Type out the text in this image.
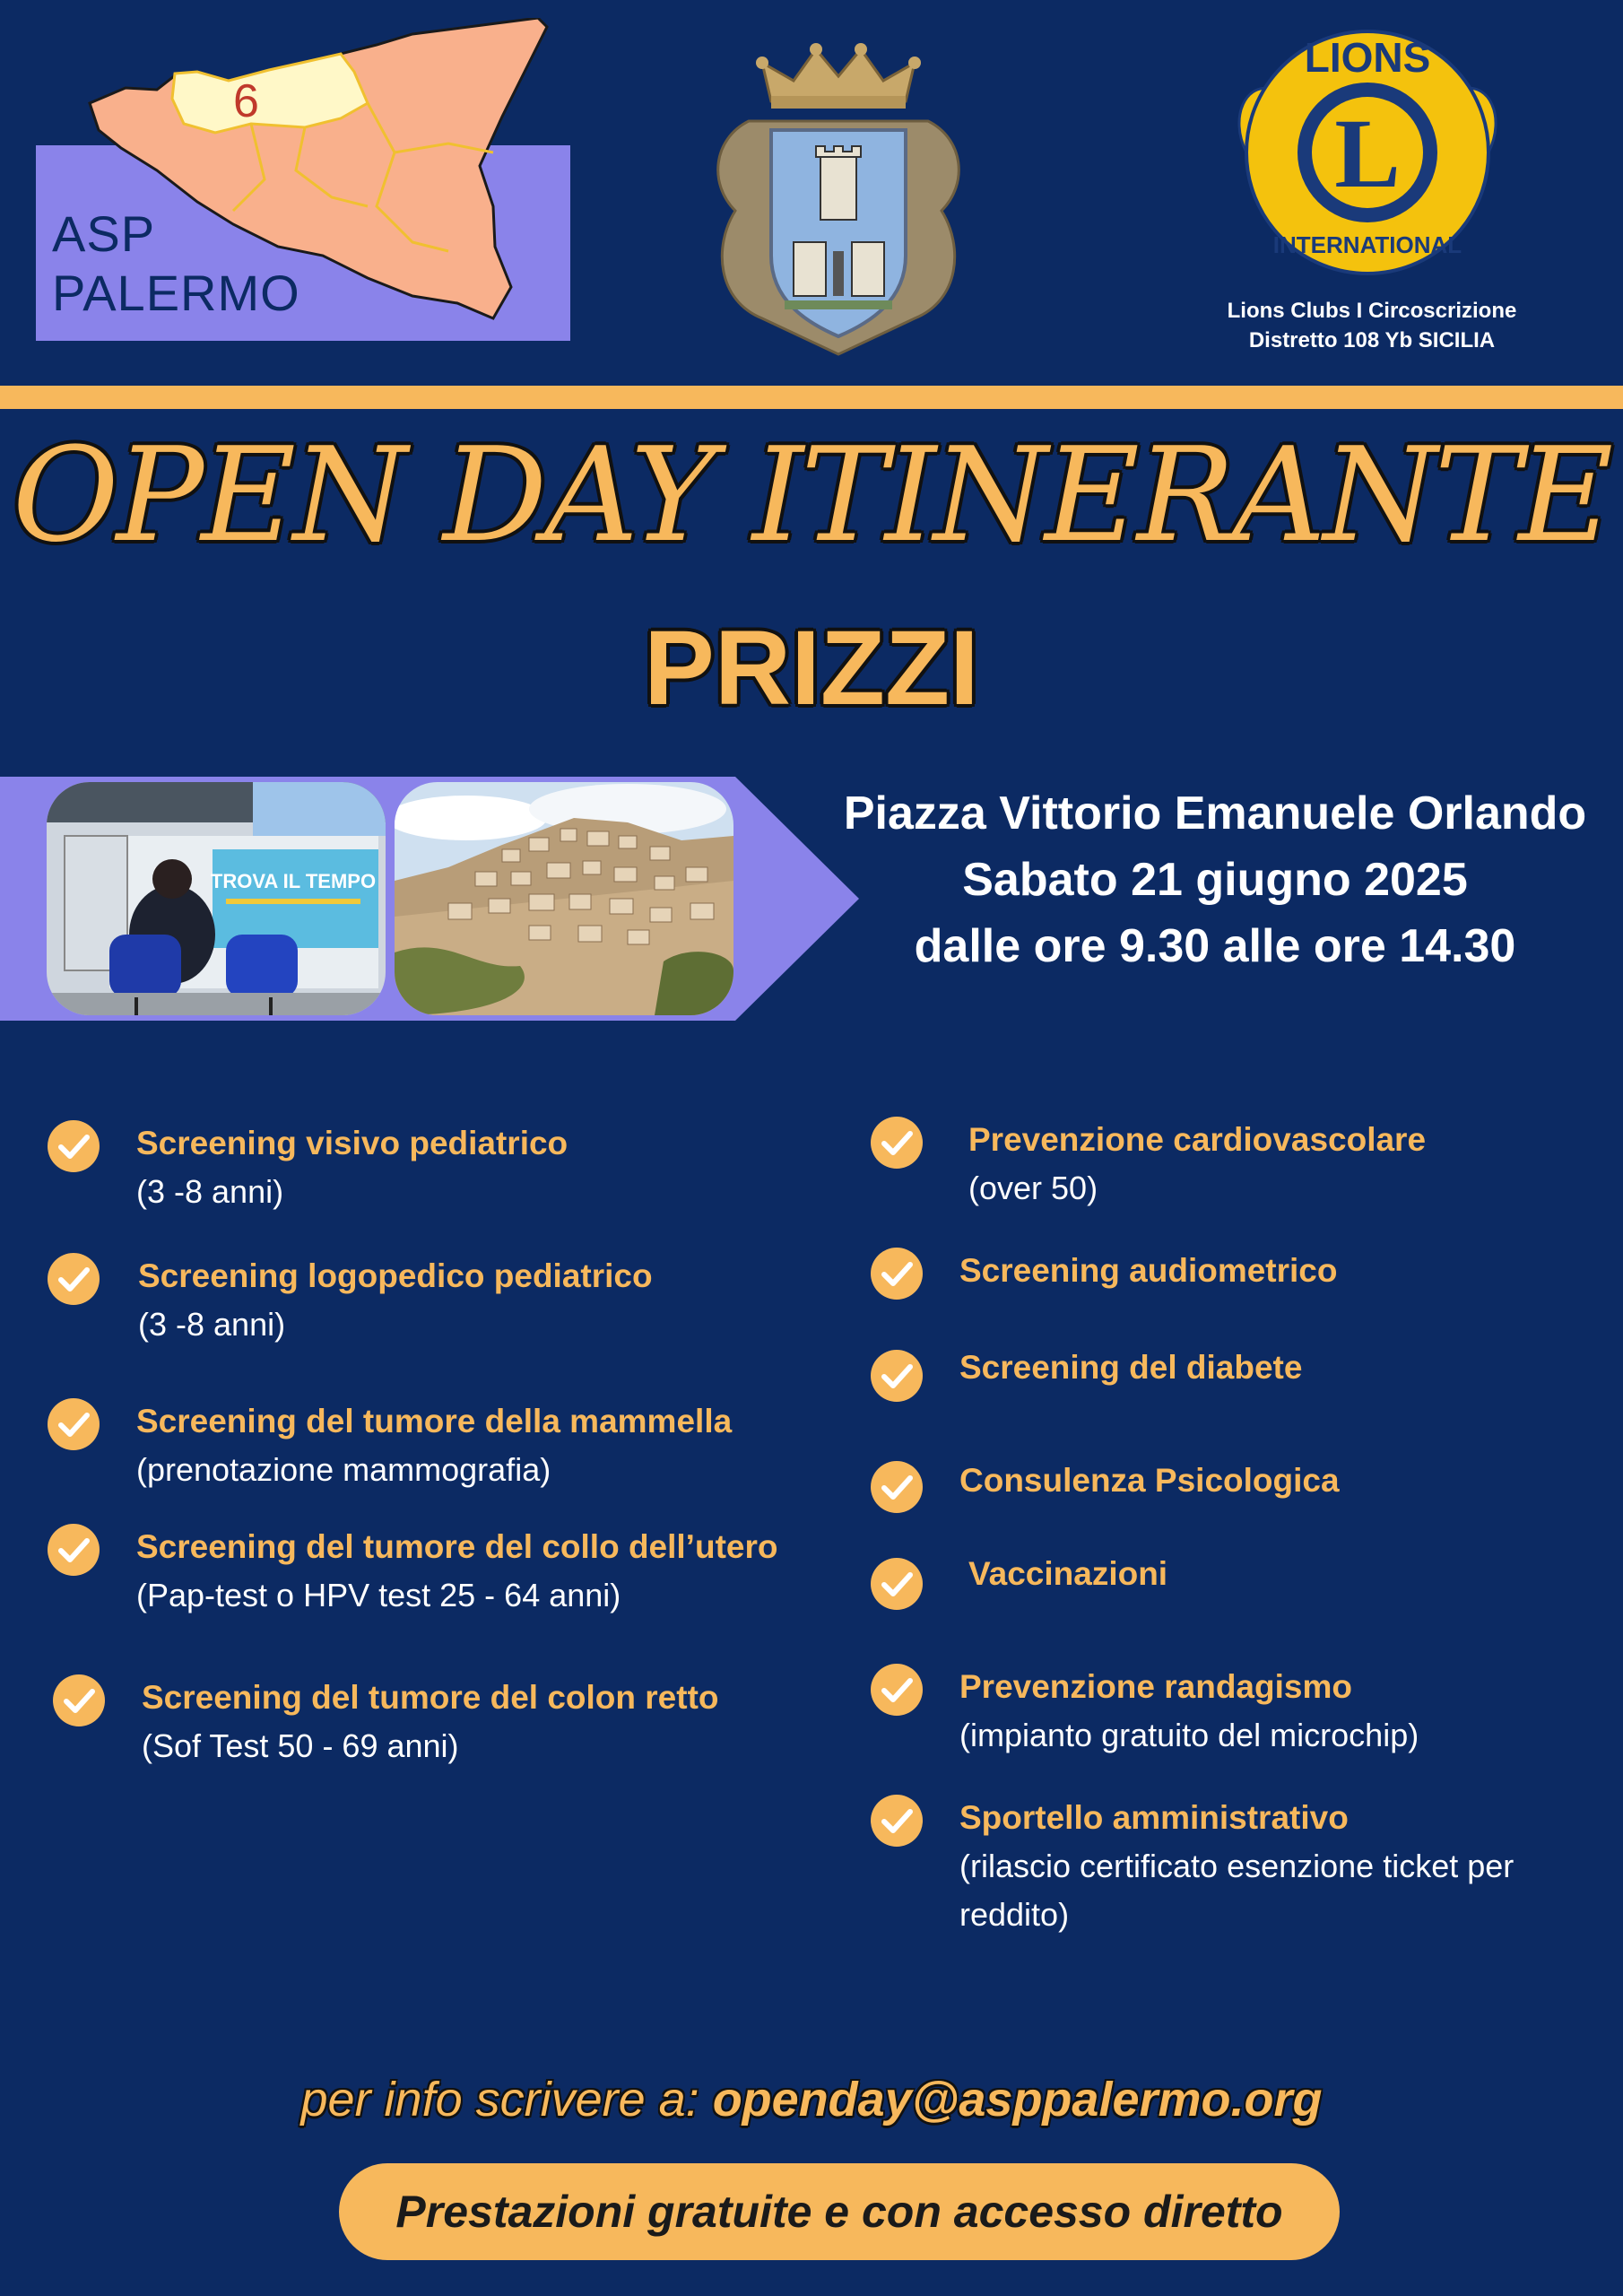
6
ASP
PALERMO
L
LIONS
INTERNATIONAL
Lions Clubs I Circoscrizione
Distretto 108 Yb SICILIA
OPEN DAY ITINERANTE
PRIZZI
TROVA IL TEMPO
Piazza Vittorio Emanuele Orlando
Sabato 21 giugno 2025
dalle ore 9.30 alle ore 14.30
Screening visivo pediatrico
(3 -8 anni)
Screening logopedico pediatrico
(3 -8 anni)
Screening del tumore della mammella
(prenotazione mammografia)
Screening del tumore del collo dell’utero
(Pap-test o HPV test 25 - 64 anni)
Screening del tumore del colon retto
(Sof Test 50 - 69 anni)
Prevenzione cardiovascolare
(over 50)
Screening audiometrico
Screening del diabete
Consulenza Psicologica
Vaccinazioni
Prevenzione randagismo
(impianto gratuito del microchip)
Sportello amministrativo
(rilascio certificato esenzione ticket per reddito)
per info scrivere a: openday@asppalermo.org
Prestazioni gratuite e con accesso diretto
